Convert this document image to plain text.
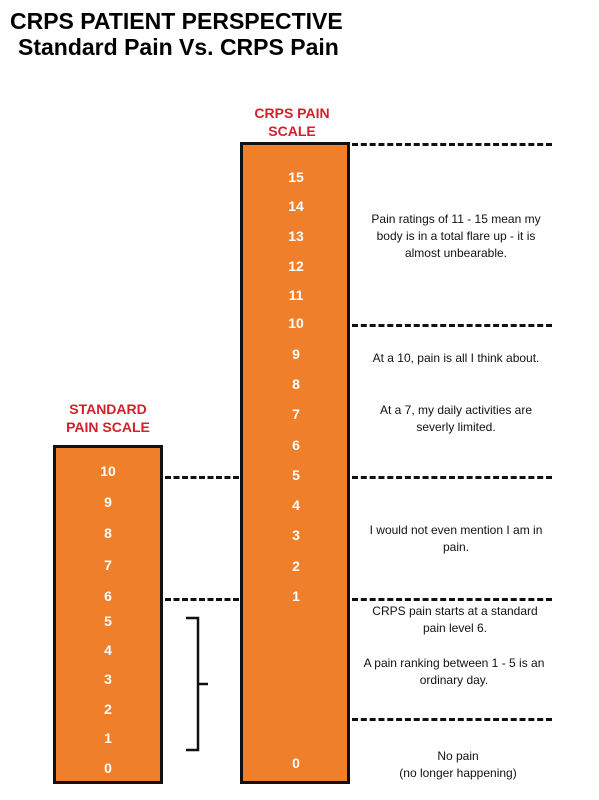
CRPS PATIENT PERSPECTIVE
Standard Pain Vs. CRPS Pain
CRPS PAIN
SCALE
STANDARD
PAIN SCALE
15
14
13
12
11
10
9
8
7
6
5
4
3
2
1
0
10
9
8
7
6
5
4
3
2
1
0
Pain ratings of 11 - 15 mean my body is in a total flare up - it is almost unbearable.
At a 10, pain is all I think about.
At a 7, my daily activities are severly limited.
I would not even mention I am in pain.
CRPS pain starts at a standard pain level 6.
A pain ranking between 1 - 5 is an ordinary day.
No pain
(no longer happening)
